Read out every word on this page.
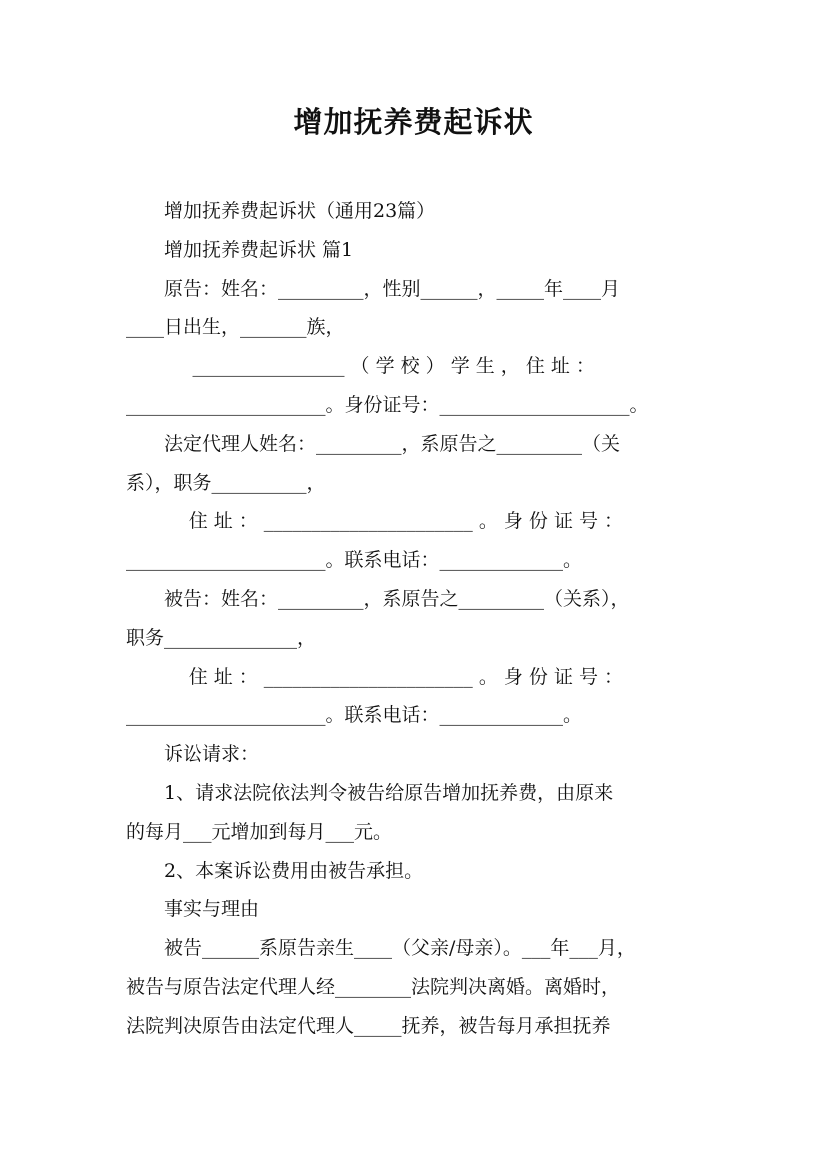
增加抚养费起诉状

增加抚养费起诉状（通用23篇）

增加抚养费起诉状 篇1

原告：姓名：_________，性别______，_____年____月

____日出生，_______族，

________________ （ 学 校 ） 学 生 ， 住 址 ：

_____________________。身份证号：____________________。

法定代理人姓名：_________，系原告之_________（关

系），职务__________，

住 址 ： ______________________ 。 身 份 证 号 ：

_____________________。联系电话：_____________。

被告：姓名：_________，系原告之_________（关系），

职务______________，

住 址 ： ______________________ 。 身 份 证 号 ：

_____________________。联系电话：_____________。

诉讼请求：

1、请求法院依法判令被告给原告增加抚养费，由原来

的每月___元增加到每月___元。

2、本案诉讼费用由被告承担。

事实与理由

被告______系原告亲生____（父亲/母亲）。___年___月，

被告与原告法定代理人经________法院判决离婚。离婚时，

法院判决原告由法定代理人_____抚养，被告每月承担抚养
